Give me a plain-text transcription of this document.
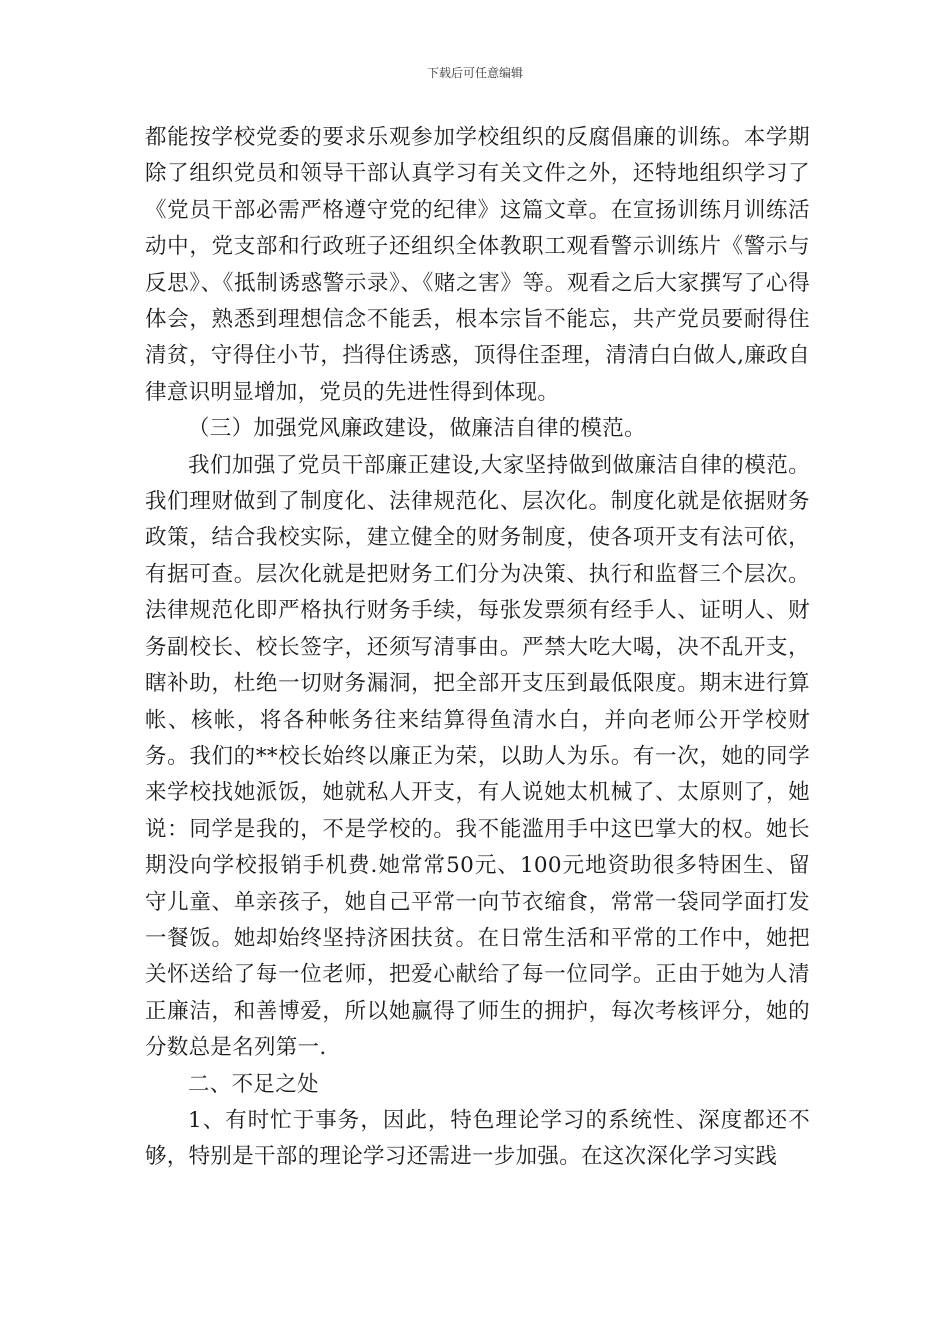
下载后可任意编辑

都能按学校党委的要求乐观参加学校组织的反腐倡廉的训练。本学期除了组织党员和领导干部认真学习有关文件之外，还特地组织学习了《党员干部必需严格遵守党的纪律》这篇文章。在宣扬训练月训练活动中，党支部和行政班子还组织全体教职工观看警示训练片《警示与反思》、《抵制诱惑警示录》、《赌之害》等。观看之后大家撰写了心得体会，熟悉到理想信念不能丢，根本宗旨不能忘，共产党员要耐得住清贫，守得住小节，挡得住诱惑，顶得住歪理，清清白白做人,廉政自律意识明显增加，党员的先进性得到体现。

（三）加强党风廉政建设，做廉洁自律的模范。

我们加强了党员干部廉正建设,大家坚持做到做廉洁自律的模范。我们理财做到了制度化、法律规范化、层次化。制度化就是依据财务政策，结合我校实际，建立健全的财务制度，使各项开支有法可依，有据可查。层次化就是把财务工们分为决策、执行和监督三个层次。法律规范化即严格执行财务手续，每张发票须有经手人、证明人、财务副校长、校长签字，还须写清事由。严禁大吃大喝，决不乱开支，瞎补助，杜绝一切财务漏洞，把全部开支压到最低限度。期末进行算帐、核帐，将各种帐务往来结算得鱼清水白，并向老师公开学校财务。我们的**校长始终以廉正为荣，以助人为乐。有一次，她的同学来学校找她派饭，她就私人开支，有人说她太机械了、太原则了，她说：同学是我的，不是学校的。我不能滥用手中这巴掌大的权。她长期没向学校报销手机费.她常常50元、100元地资助很多特困生、留守儿童、单亲孩子，她自己平常一向节衣缩食，常常一袋同学面打发一餐饭。她却始终坚持济困扶贫。在日常生活和平常的工作中，她把关怀送给了每一位老师，把爱心献给了每一位同学。正由于她为人清正廉洁，和善博爱，所以她赢得了师生的拥护，每次考核评分，她的分数总是名列第一.

二、不足之处

1、有时忙于事务，因此，特色理论学习的系统性、深度都还不够，特别是干部的理论学习还需进一步加强。在这次深化学习实践
